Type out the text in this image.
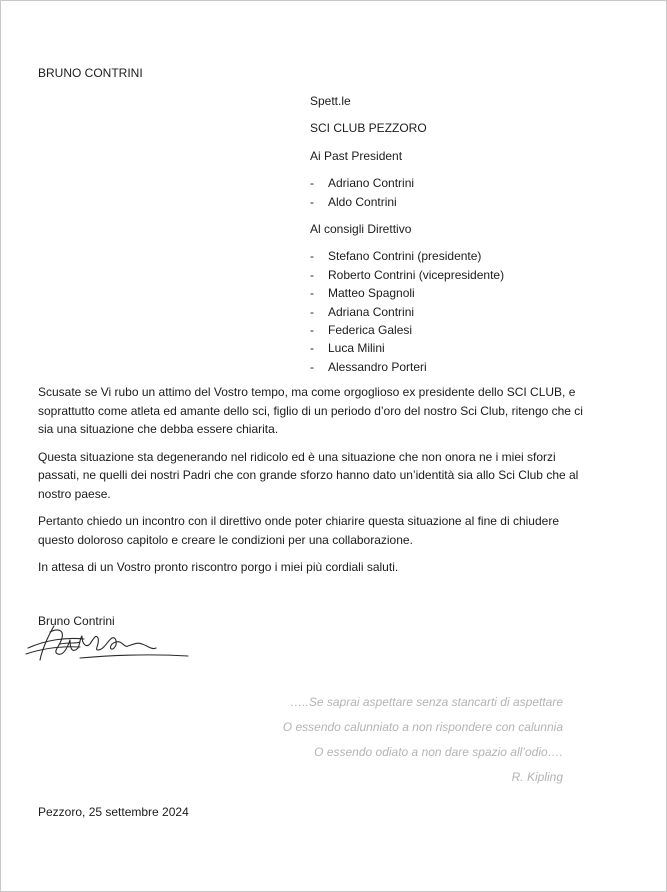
BRUNO CONTRINI
Spett.le
SCI CLUB PEZZORO
Ai Past President
- Adriano Contrini
- Aldo Contrini
Al consigli Direttivo
- Stefano Contrini (presidente)
- Roberto Contrini (vicepresidente)
- Matteo Spagnoli
- Adriana Contrini
- Federica Galesi
- Luca Milini
- Alessandro Porteri

Scusate se Vi rubo un attimo del Vostro tempo, ma come orgoglioso ex presidente dello SCI CLUB, e soprattutto come atleta ed amante dello sci, figlio di un periodo d’oro del nostro Sci Club, ritengo che ci sia una situazione che debba essere chiarita.

Questa situazione sta degenerando nel ridicolo ed è una situazione che non onora ne i miei sforzi passati, ne quelli dei nostri Padri che con grande sforzo hanno dato un’identità sia allo Sci Club che al nostro paese.

Pertanto chiedo un incontro con il direttivo onde poter chiarire questa situazione al fine di chiudere questo doloroso capitolo e creare le condizioni per una collaborazione.

In attesa di un Vostro pronto riscontro porgo i miei più cordiali saluti.

Bruno Contrini
…..Se saprai aspettare senza stancarti di aspettare
O essendo calunniato a non rispondere con calunnia
O essendo odiato a non dare spazio all’odio….
R. Kipling
Pezzoro, 25 settembre 2024
